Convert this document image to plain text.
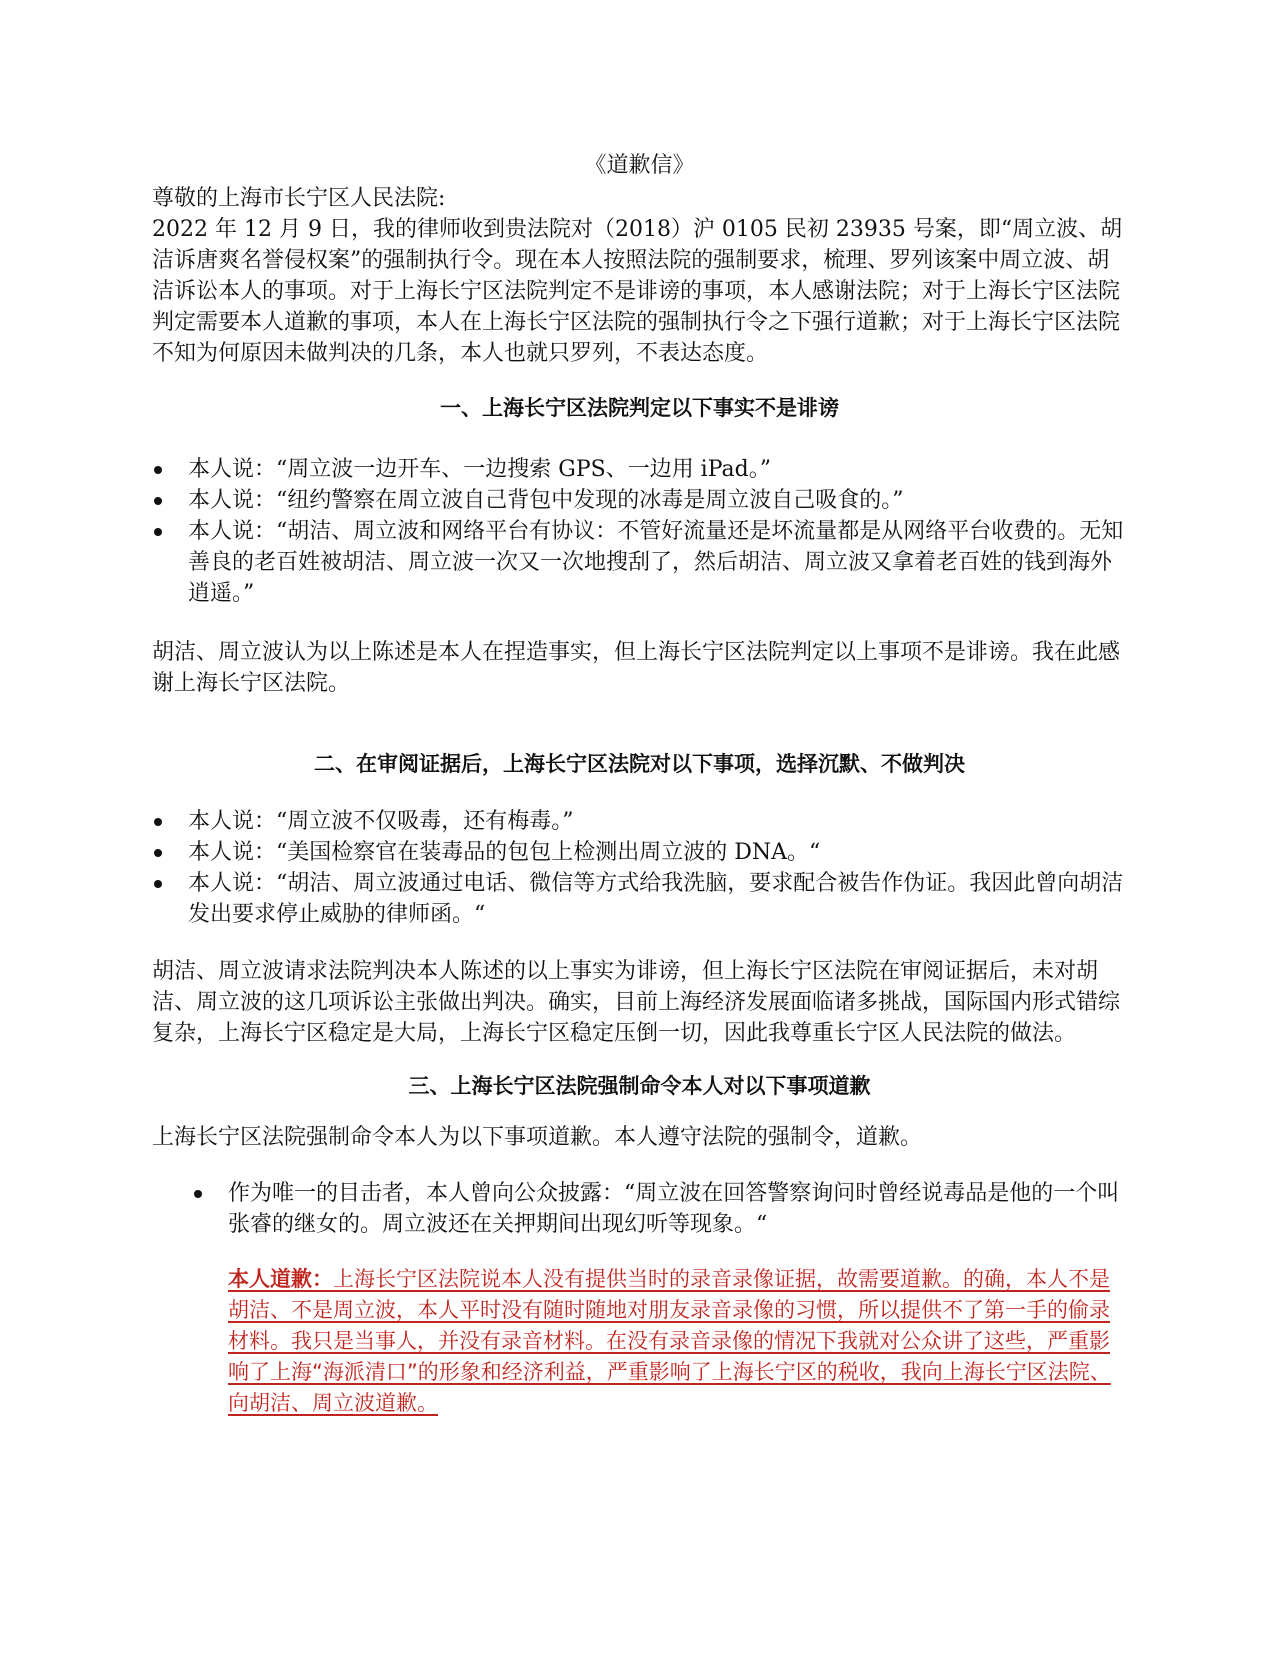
《道歉信》

尊敬的上海市长宁区人民法院:

2022 年 12 月 9 日，我的律师收到贵法院对（2018）沪 0105 民初 23935 号案，即“周立波、胡洁诉唐爽名誉侵权案”的强制执行令。现在本人按照法院的强制要求，梳理、罗列该案中周立波、胡洁诉讼本人的事项。对于上海长宁区法院判定不是诽谤的事项，本人感谢法院；对于上海长宁区法院判定需要本人道歉的事项，本人在上海长宁区法院的强制执行令之下强行道歉；对于上海长宁区法院不知为何原因未做判决的几条，本人也就只罗列，不表达态度。

一、上海长宁区法院判定以下事实不是诽谤
本人说：“周立波一边开车、一边搜索 GPS、一边用 iPad。”
本人说：“纽约警察在周立波自己背包中发现的冰毒是周立波自己吸食的。”
本人说：“胡洁、周立波和网络平台有协议：不管好流量还是坏流量都是从网络平台收费的。无知善良的老百姓被胡洁、周立波一次又一次地搜刮了，然后胡洁、周立波又拿着老百姓的钱到海外逍遥。”

胡洁、周立波认为以上陈述是本人在捏造事实，但上海长宁区法院判定以上事项不是诽谤。我在此感谢上海长宁区法院。

二、在审阅证据后，上海长宁区法院对以下事项，选择沉默、不做判决
本人说：“周立波不仅吸毒，还有梅毒。”
本人说：“美国检察官在装毒品的包包上检测出周立波的 DNA。“
本人说：“胡洁、周立波通过电话、微信等方式给我洗脑，要求配合被告作伪证。我因此曾向胡洁发出要求停止威胁的律师函。“

胡洁、周立波请求法院判决本人陈述的以上事实为诽谤，但上海长宁区法院在审阅证据后，未对胡洁、周立波的这几项诉讼主张做出判决。确实，目前上海经济发展面临诸多挑战，国际国内形式错综复杂，上海长宁区稳定是大局，上海长宁区稳定压倒一切，因此我尊重长宁区人民法院的做法。

三、上海长宁区法院强制命令本人对以下事项道歉

上海长宁区法院强制命令本人为以下事项道歉。本人遵守法院的强制令，道歉。

作为唯一的目击者，本人曾向公众披露：“周立波在回答警察询问时曾经说毒品是他的一个叫张睿的继女的。周立波还在关押期间出现幻听等现象。“

本人道歉：上海长宁区法院说本人没有提供当时的录音录像证据，故需要道歉。的确，本人不是胡洁、不是周立波，本人平时没有随时随地对朋友录音录像的习惯，所以提供不了第一手的偷录材料。我只是当事人，并没有录音材料。在没有录音录像的情况下我就对公众讲了这些，严重影响了上海“海派清口”的形象和经济利益，严重影响了上海长宁区的税收，我向上海长宁区法院、向胡洁、周立波道歉。
